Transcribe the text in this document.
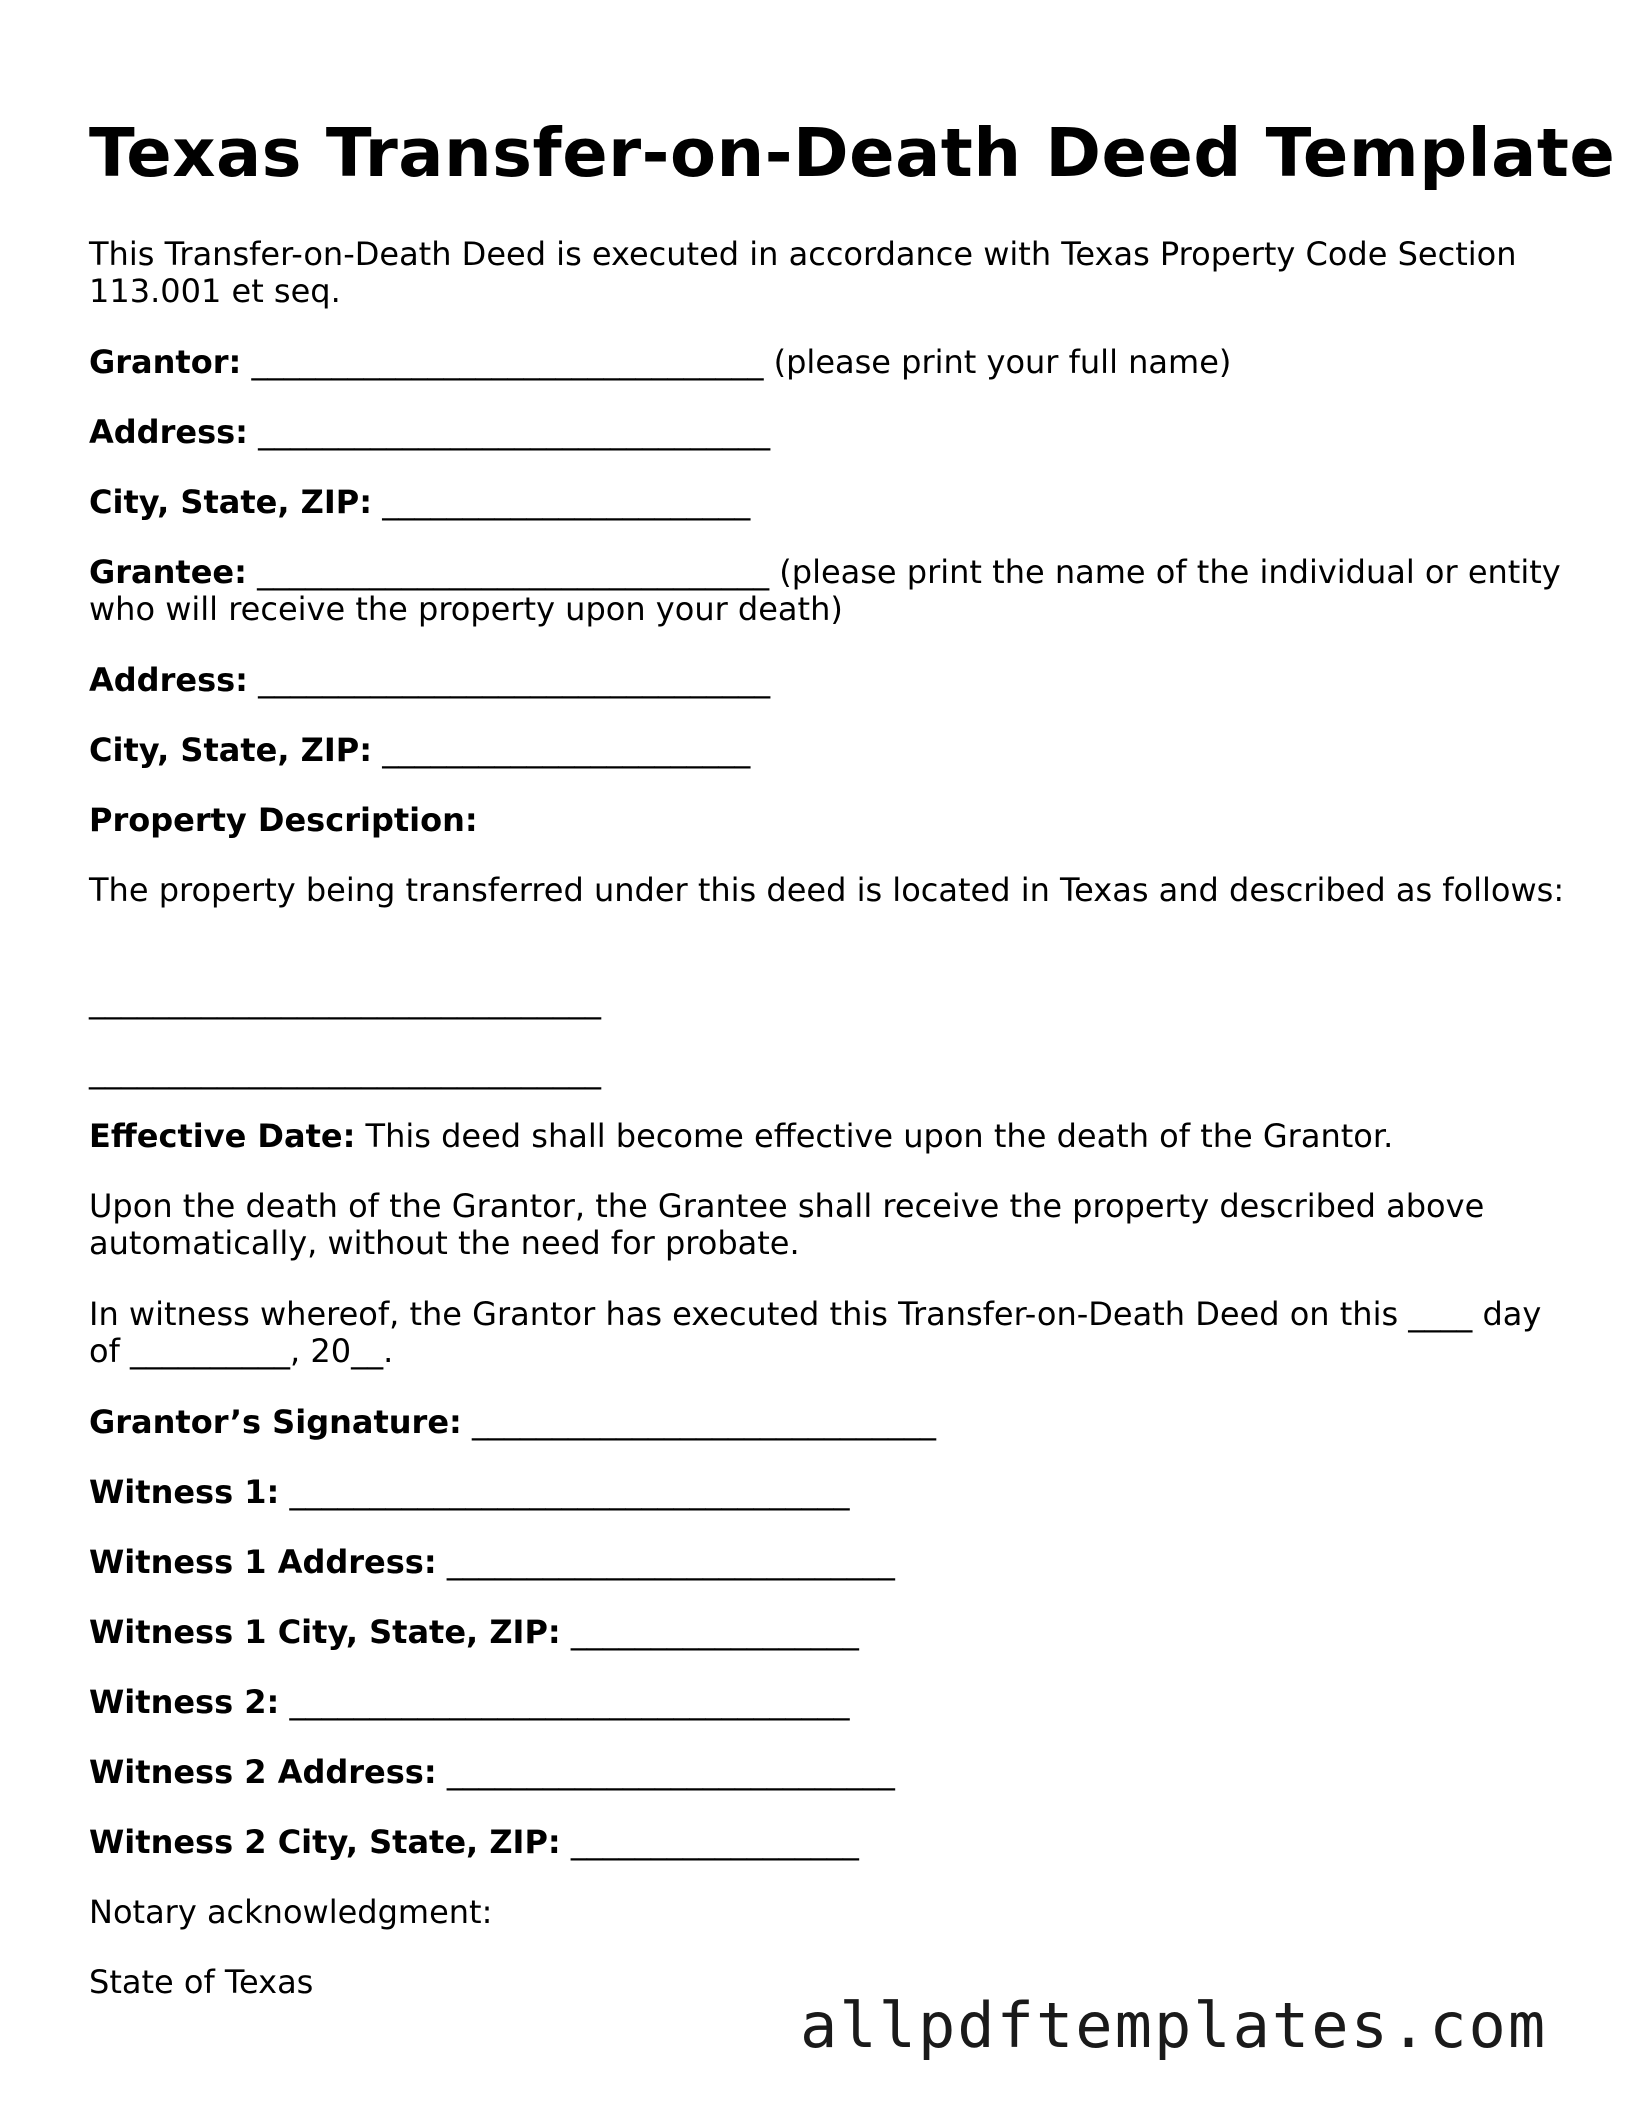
Texas Transfer-on-Death Deed Template
This Transfer-on-Death Deed is executed in accordance with Texas Property Code Section 113.001 et seq.
Grantor: ________________________________ (please print your full name)
Address: ________________________________
City, State, ZIP: _______________________
Grantee: ________________________________ (please print the name of the individual or entity who will receive the property upon your death)
Address: ________________________________
City, State, ZIP: _______________________
Property Description:
The property being transferred under this deed is located in Texas and described as follows:
________________________________
________________________________
Effective Date: This deed shall become effective upon the death of the Grantor.
Upon the death of the Grantor, the Grantee shall receive the property described above automatically, without the need for probate.
In witness whereof, the Grantor has executed this Transfer-on-Death Deed on this ____ day of __________, 20__.
Grantor’s Signature: _____________________________
Witness 1: ___________________________________
Witness 1 Address: ____________________________
Witness 1 City, State, ZIP: __________________
Witness 2: ___________________________________
Witness 2 Address: ____________________________
Witness 2 City, State, ZIP: __________________
Notary acknowledgment:
State of Texas
allpdftemplates.com
